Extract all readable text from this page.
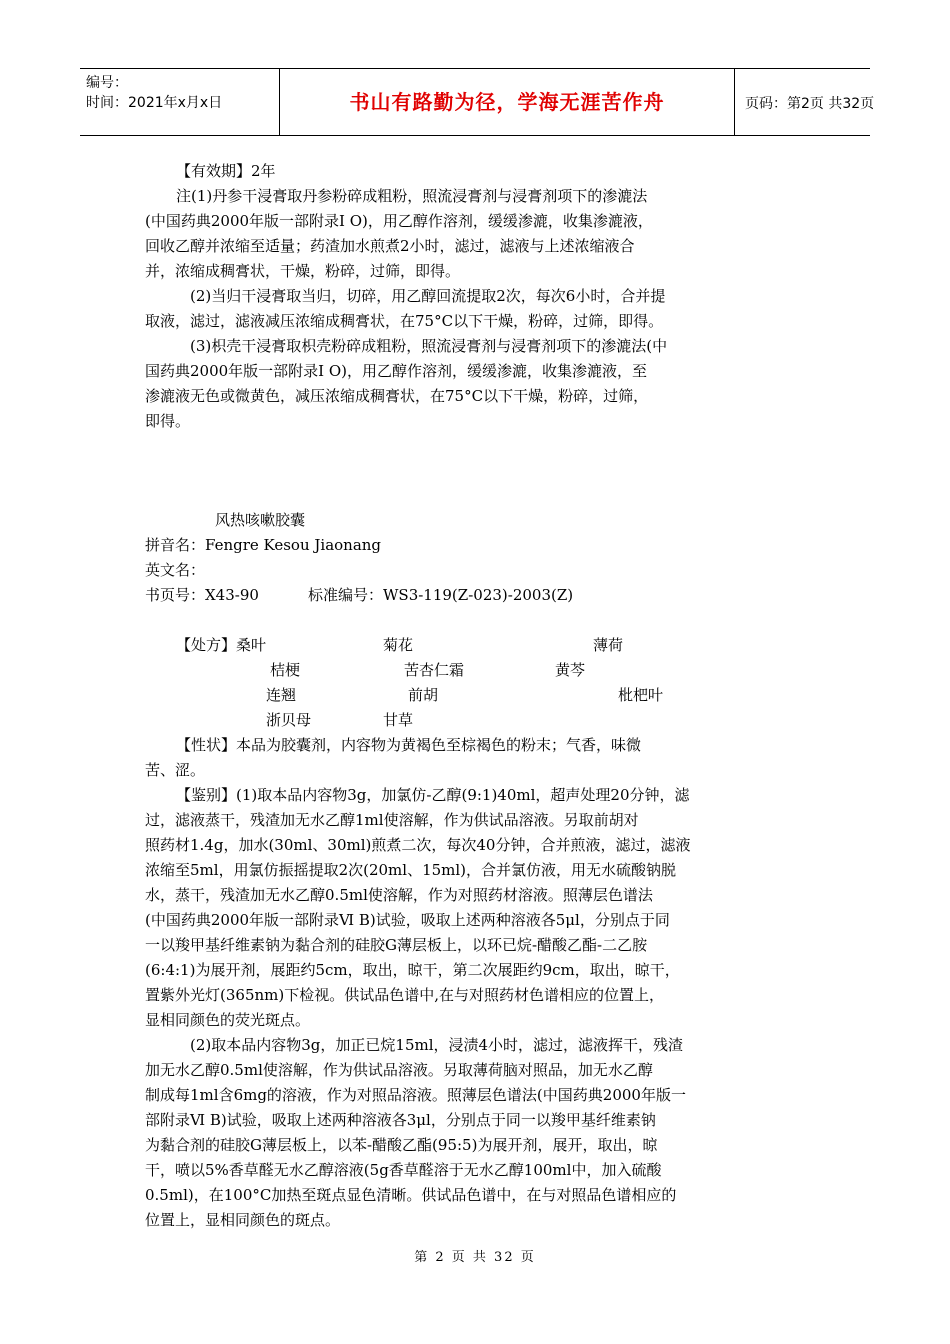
编号：
时间：2021年x月x日	书山有路勤为径，学海无涯苦作舟	页码：第2页 共32页
【有效期】2年
注(1)丹参干浸膏取丹参粉碎成粗粉，照流浸膏剂与浸膏剂项下的渗漉法
(中国药典2000年版一部附录Ⅰ O)，用乙醇作溶剂，缓缓渗漉，收集渗漉液，
回收乙醇并浓缩至适量；药渣加水煎煮2小时，滤过，滤液与上述浓缩液合
并，浓缩成稠膏状，干燥，粉碎，过筛，即得。
(2)当归干浸膏取当归，切碎，用乙醇回流提取2次，每次6小时，合并提
取液，滤过，滤液减压浓缩成稠膏状，在75°C以下干燥，粉碎，过筛，即得。
(3)枳壳干浸膏取枳壳粉碎成粗粉，照流浸膏剂与浸膏剂项下的渗漉法(中
国药典2000年版一部附录Ⅰ O)，用乙醇作溶剂，缓缓渗漉，收集渗漉液，至
渗漉液无色或微黄色，减压浓缩成稠膏状，在75°C以下干燥，粉碎，过筛，
即得。
风热咳嗽胶囊
拼音名：Fengre Kesou Jiaonang
英文名：
书页号：X43-90	标准编号：WS3-119(Z-023)-2003(Z)
【处方】桑叶	菊花	薄荷
桔梗	苦杏仁霜	黄芩
连翘	前胡	枇杷叶
浙贝母	甘草
【性状】本品为胶囊剂，内容物为黄褐色至棕褐色的粉末；气香，味微
苦、涩。
【鉴别】(1)取本品内容物3g，加氯仿-乙醇(9:1)40ml，超声处理20分钟，滤
过，滤液蒸干，残渣加无水乙醇1ml使溶解，作为供试品溶液。另取前胡对
照药材1.4g，加水(30ml、30ml)煎煮二次，每次40分钟，合并煎液，滤过，滤液
浓缩至5ml，用氯仿振摇提取2次(20ml、15ml)，合并氯仿液，用无水硫酸钠脱
水，蒸干，残渣加无水乙醇0.5ml使溶解，作为对照药材溶液。照薄层色谱法
(中国药典2000年版一部附录Ⅵ B)试验，吸取上述两种溶液各5μl，分别点于同
一以羧甲基纤维素钠为黏合剂的硅胶G薄层板上，以环已烷-醋酸乙酯-二乙胺
(6:4:1)为展开剂，展距约5cm，取出，晾干，第二次展距约9cm，取出，晾干，
置紫外光灯(365nm)下检视。供试品色谱中,在与对照药材色谱相应的位置上，
显相同颜色的荧光斑点。
(2)取本品内容物3g，加正已烷15ml，浸渍4小时，滤过，滤液挥干，残渣
加无水乙醇0.5ml使溶解，作为供试品溶液。另取薄荷脑对照品，加无水乙醇
制成每1ml含6mg的溶液，作为对照品溶液。照薄层色谱法(中国药典2000年版一
部附录Ⅵ B)试验，吸取上述两种溶液各3μl，分别点于同一以羧甲基纤维素钠
为黏合剂的硅胶G薄层板上，以苯-醋酸乙酯(95:5)为展开剂，展开，取出，晾
干，喷以5%香草醛无水乙醇溶液(5g香草醛溶于无水乙醇100ml中，加入硫酸
0.5ml)，在100°C加热至斑点显色清晰。供试品色谱中，在与对照品色谱相应的
位置上，显相同颜色的斑点。
第 2 页 共 32 页
